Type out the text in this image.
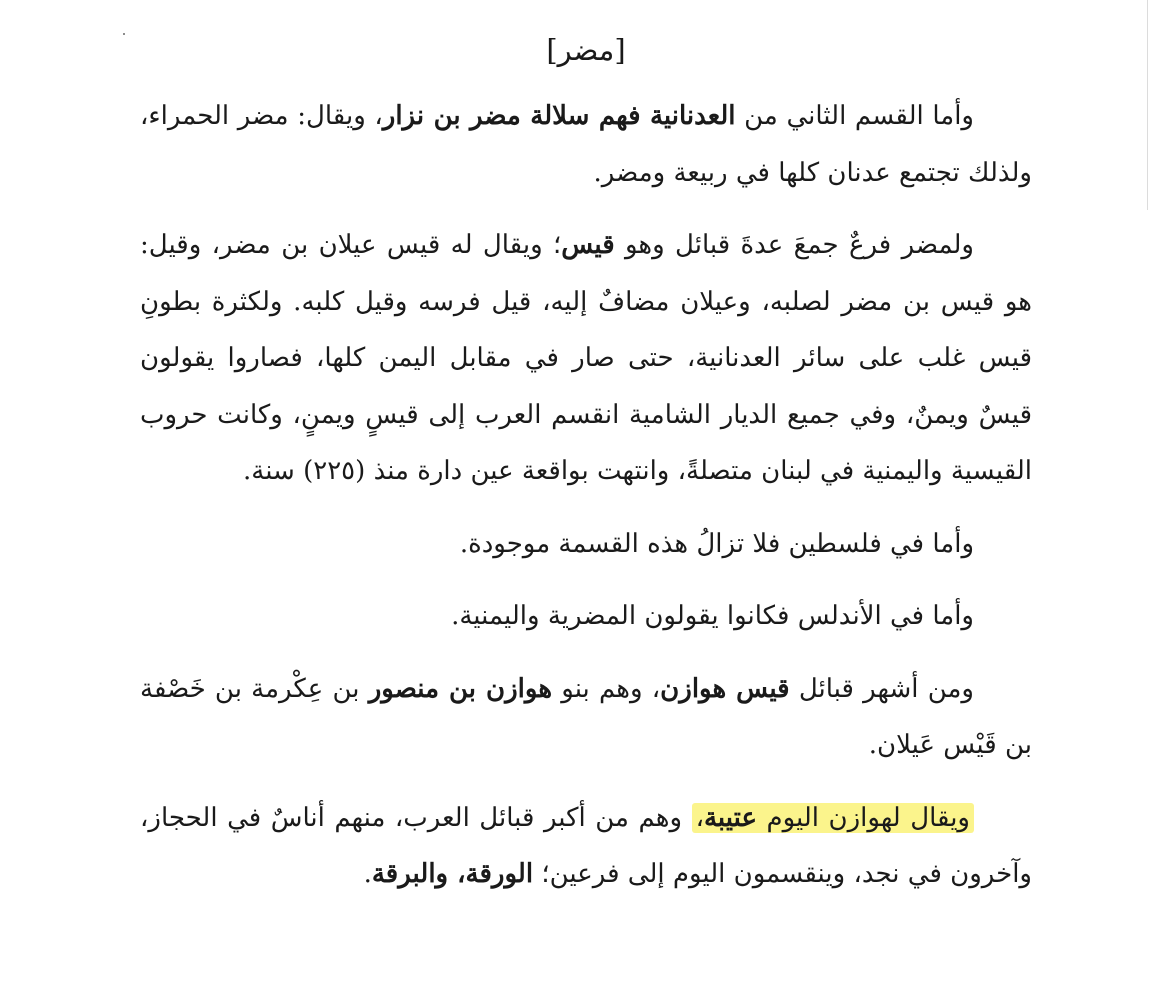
[مضر]

وأما القسم الثاني من العدنانية فهم سلالة مضر بن نزار، ويقال: مضر الحمراء، ولذلك تجتمع عدنان كلها في ربيعة ومضر.

ولمضر فرعٌ جمعَ عدةَ قبائل وهو قيس؛ ويقال له قيس عيلان بن مضر، وقيل: هو قيس بن مضر لصلبه، وعيلان مضافٌ إليه، قيل فرسه وقيل كلبه. ولكثرة بطونِ قيس غلب على سائر العدنانية، حتى صار في مقابل اليمن كلها، فصاروا يقولون قيسٌ ويمنٌ، وفي جميع الديار الشامية انقسم العرب إلى قيسٍ ويمنٍ، وكانت حروب القيسية واليمنية في لبنان متصلةً، وانتهت بواقعة عين دارة منذ (٢٢٥) سنة.

وأما في فلسطين فلا تزالُ هذه القسمة موجودة.

وأما في الأندلس فكانوا يقولون المضرية واليمنية.

ومن أشهر قبائل قيس هوازن، وهم بنو هوازن بن منصور بن عِكْرمة بن خَصْفة بن قَيْس عَيلان.

ويقال لهوازن اليوم عتيبة، وهم من أكبر قبائل العرب، منهم أناسٌ في الحجاز، وآخرون في نجد، وينقسمون اليوم إلى فرعين؛ الورقة، والبرقة.
